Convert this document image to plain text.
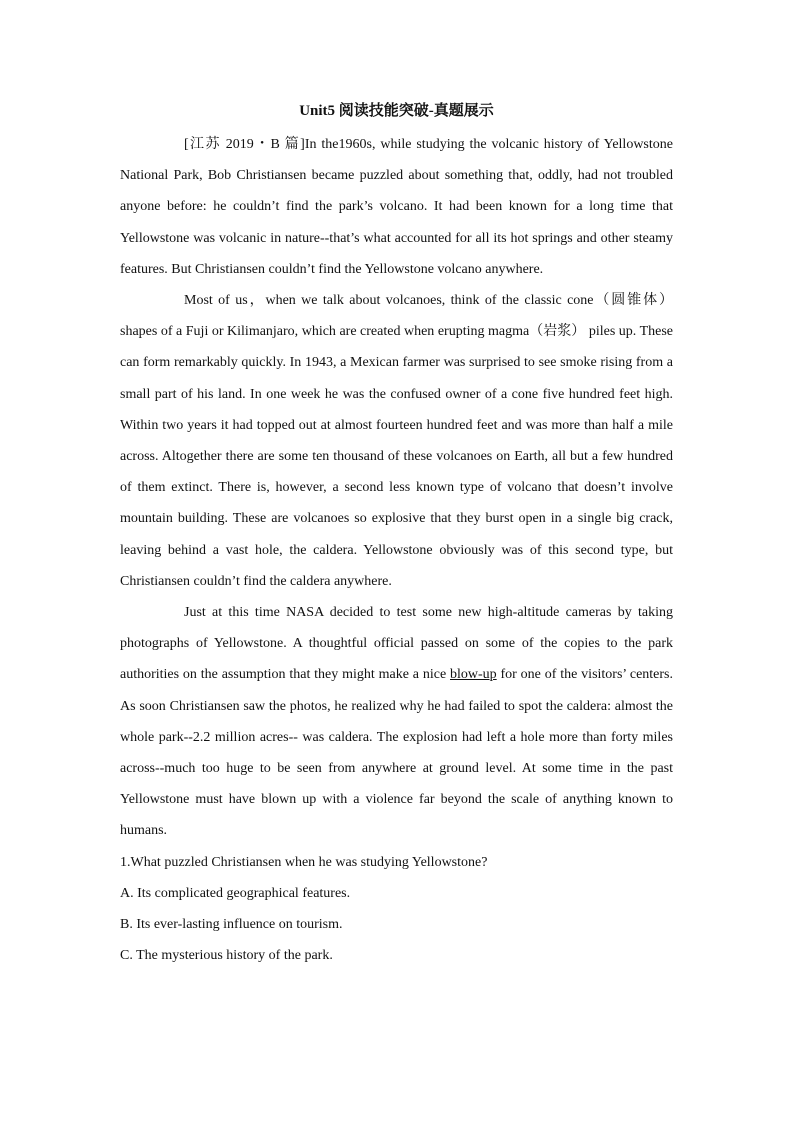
Unit5 阅读技能突破-真题展示

[江苏 2019・B 篇]In the1960s, while studying the volcanic history of Yellowstone National Park, Bob Christiansen became puzzled about something that, oddly, had not troubled anyone before: he couldn’t find the park’s volcano. It had been known for a long time that Yellowstone was volcanic in nature--that’s what accounted for all its hot springs and other steamy features. But Christiansen couldn’t find the Yellowstone volcano anywhere.

Most of us，when we talk about volcanoes, think of the classic cone（圆锥体） shapes of a Fuji or Kilimanjaro, which are created when erupting magma（岩浆） piles up. These can form remarkably quickly. In 1943, a Mexican farmer was surprised to see smoke rising from a small part of his land. In one week he was the confused owner of a cone five hundred feet high. Within two years it had topped out at almost fourteen hundred feet and was more than half a mile across. Altogether there are some ten thousand of these volcanoes on Earth, all but a few hundred of them extinct. There is, however, a second less known type of volcano that doesn’t involve mountain building. These are volcanoes so explosive that they burst open in a single big crack, leaving behind a vast hole, the caldera. Yellowstone obviously was of this second type, but Christiansen couldn’t find the caldera anywhere.

Just at this time NASA decided to test some new high-altitude cameras by taking photographs of Yellowstone. A thoughtful official passed on some of the copies to the park authorities on the assumption that they might make a nice blow-up for one of the visitors’ centers. As soon Christiansen saw the photos, he realized why he had failed to spot the caldera: almost the whole park--2.2 million acres-- was caldera. The explosion had left a hole more than forty miles across--much too huge to be seen from anywhere at ground level. At some time in the past Yellowstone must have blown up with a violence far beyond the scale of anything known to humans.

1.What puzzled Christiansen when he was studying Yellowstone?
A. Its complicated geographical features.
B. Its ever-lasting influence on tourism.
C. The mysterious history of the park.
